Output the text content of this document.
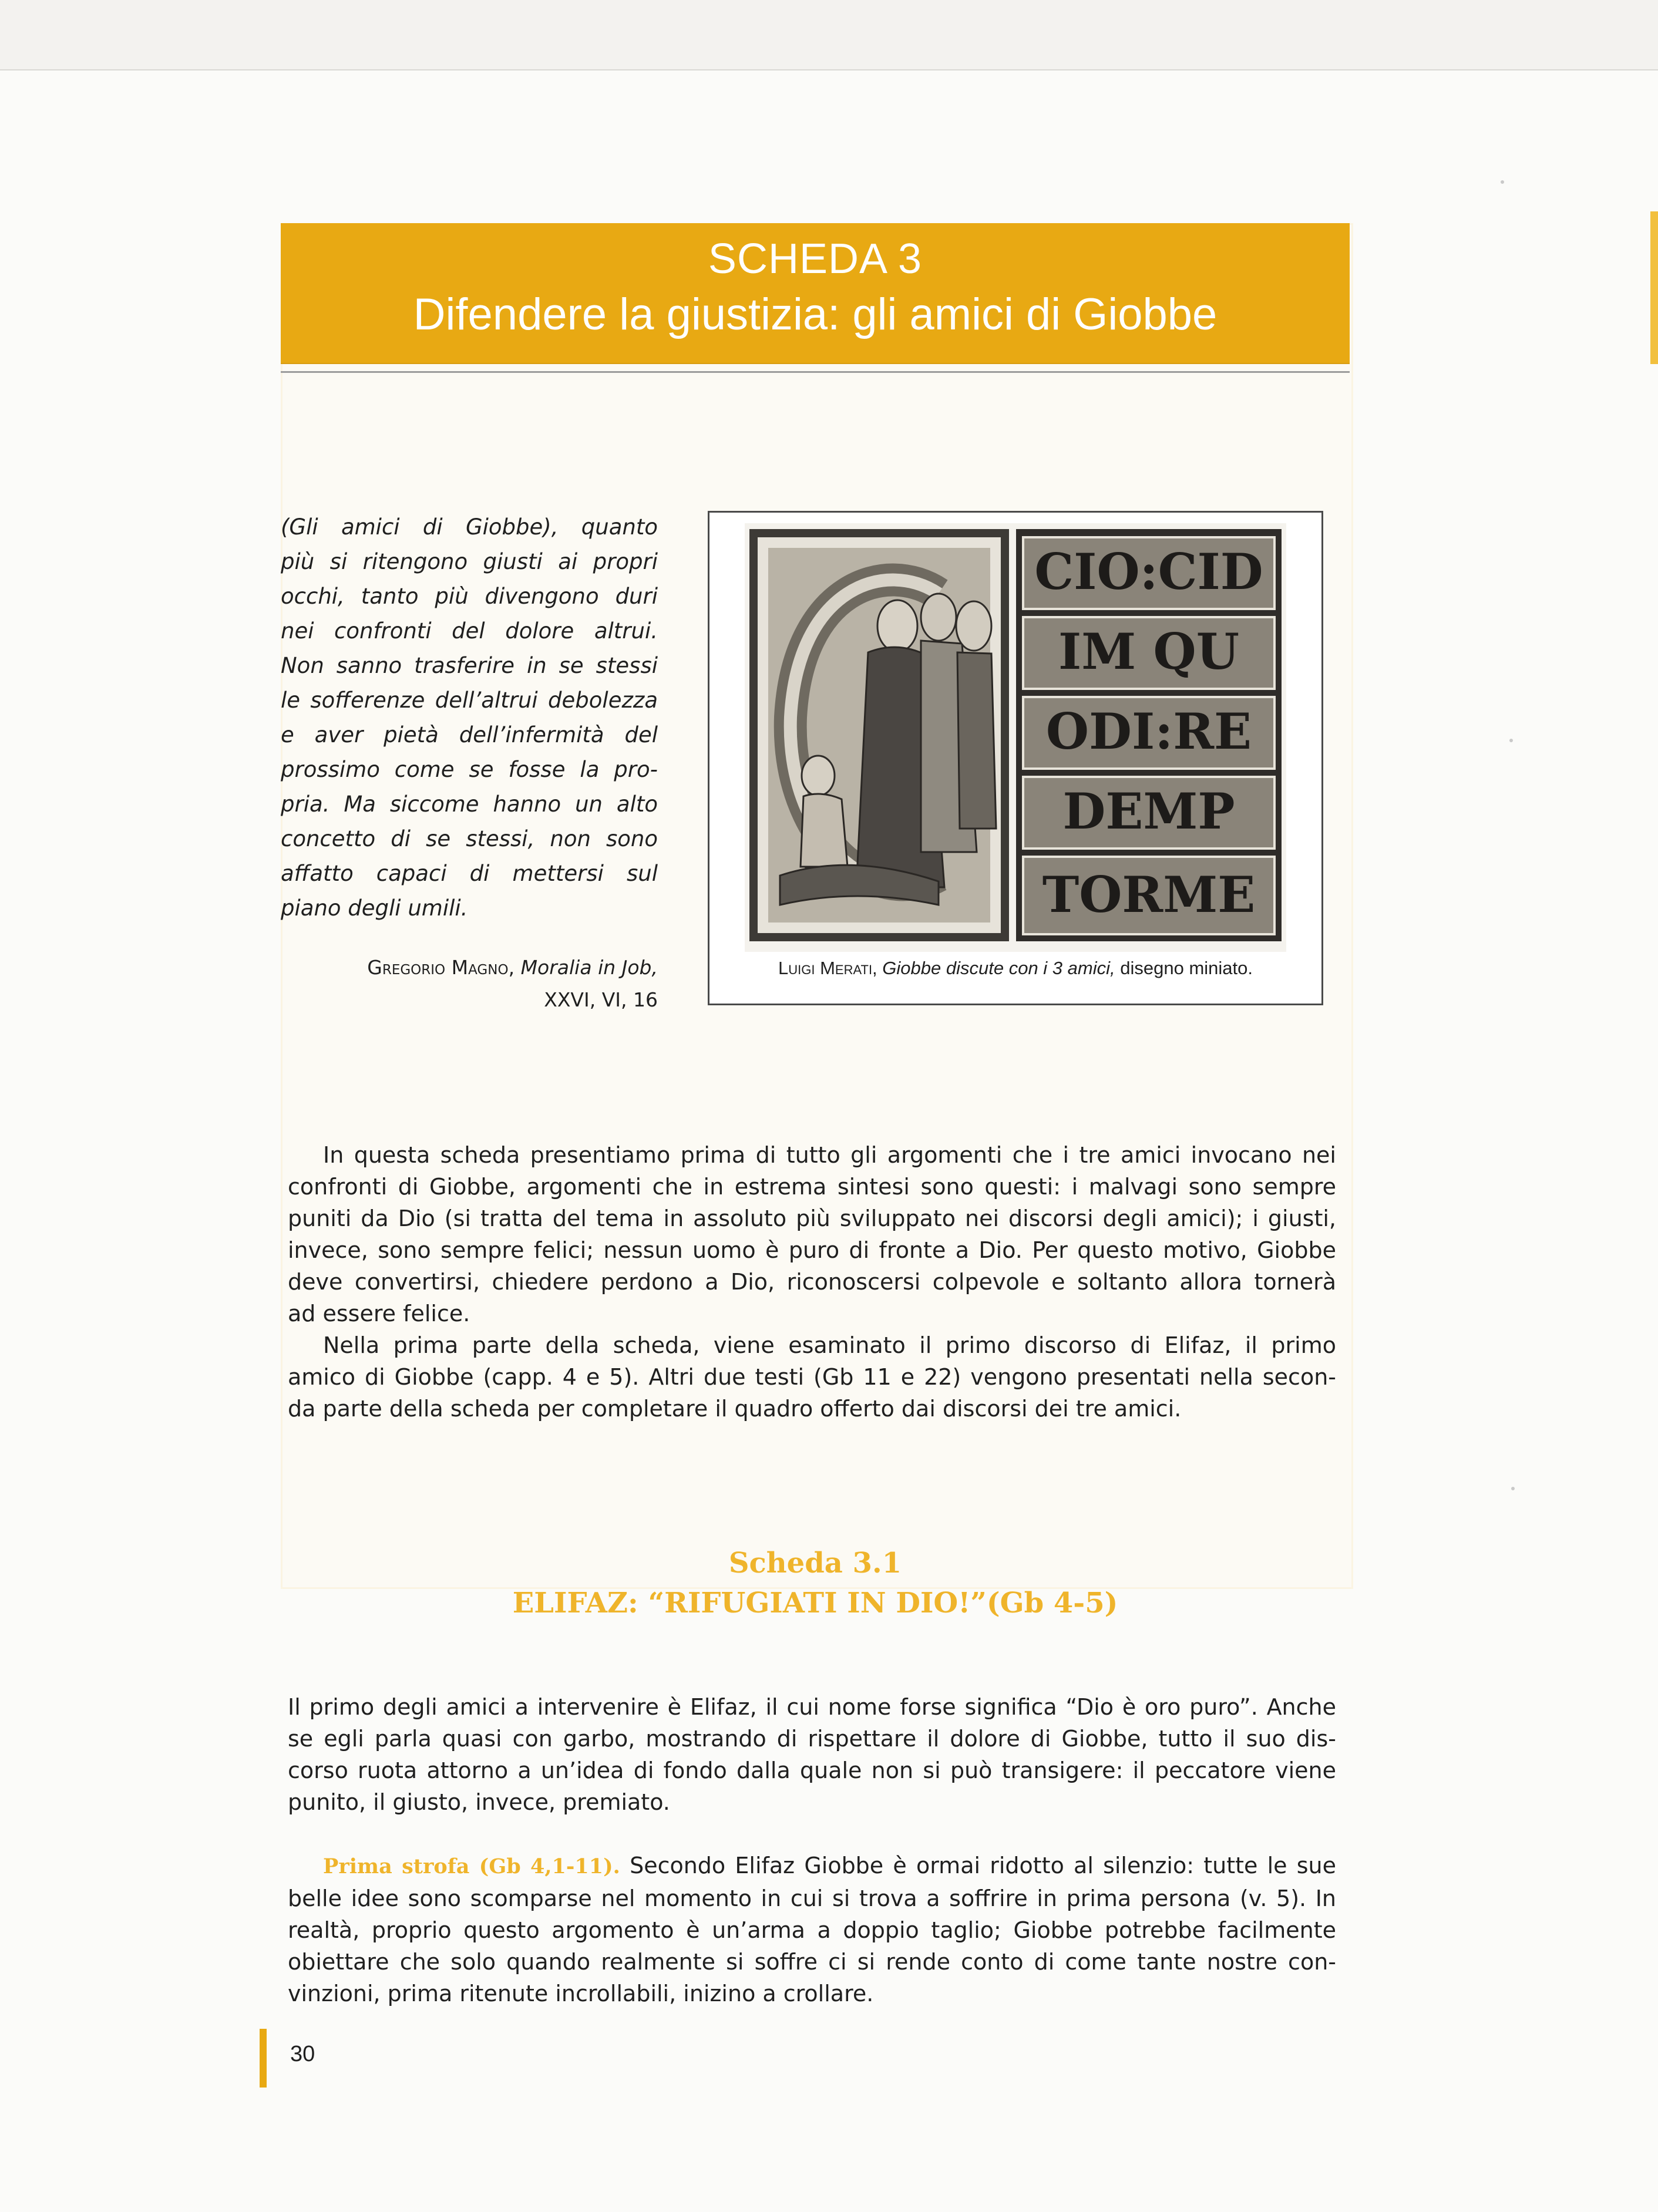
SCHEDA 3
Difendere la giustizia: gli amici di Giobbe
(Gli amici di Giobbe), quanto
più si ritengono giusti ai propri
occhi, tanto più divengono duri
nei confronti del dolore altrui.
Non sanno trasferire in se stessi
le sofferenze dell’altrui debolezza
e aver pietà dell’infermità del
prossimo come se fosse la pro-
pria. Ma siccome hanno un alto
concetto di se stessi, non sono
affatto capaci di mettersi sul
piano degli umili.
Gregorio Magno, Moralia in Job,
XXVI, VI, 16
CIO:CID
IM QU
ODI:RE
DEMP
TORME
Luigi Merati, Giobbe discute con i 3 amici, disegno miniato.
In questa scheda presentiamo prima di tutto gli argomenti che i tre amici invocano nei
confronti di Giobbe, argomenti che in estrema sintesi sono questi: i malvagi sono sempre
puniti da Dio (si tratta del tema in assoluto più sviluppato nei discorsi degli amici); i giusti,
invece, sono sempre felici; nessun uomo è puro di fronte a Dio. Per questo motivo, Giobbe
deve convertirsi, chiedere perdono a Dio, riconoscersi colpevole e soltanto allora tornerà
ad essere felice.
Nella prima parte della scheda, viene esaminato il primo discorso di Elifaz, il primo
amico di Giobbe (capp. 4 e 5). Altri due testi (Gb 11 e 22) vengono presentati nella secon-
da parte della scheda per completare il quadro offerto dai discorsi dei tre amici.
Scheda 3.1
ELIFAZ: “RIFUGIATI IN DIO!”(Gb 4-5)
Il primo degli amici a intervenire è Elifaz, il cui nome forse significa “Dio è oro puro”. Anche
se egli parla quasi con garbo, mostrando di rispettare il dolore di Giobbe, tutto il suo dis-
corso ruota attorno a un’idea di fondo dalla quale non si può transigere: il peccatore viene
punito, il giusto, invece, premiato.
Prima strofa (Gb 4,1-11). Secondo Elifaz Giobbe è ormai ridotto al silenzio: tutte le sue
belle idee sono scomparse nel momento in cui si trova a soffrire in prima persona (v. 5). In
realtà, proprio questo argomento è un’arma a doppio taglio; Giobbe potrebbe facilmente
obiettare che solo quando realmente si soffre ci si rende conto di come tante nostre con-
vinzioni, prima ritenute incrollabili, inizino a crollare.
30
